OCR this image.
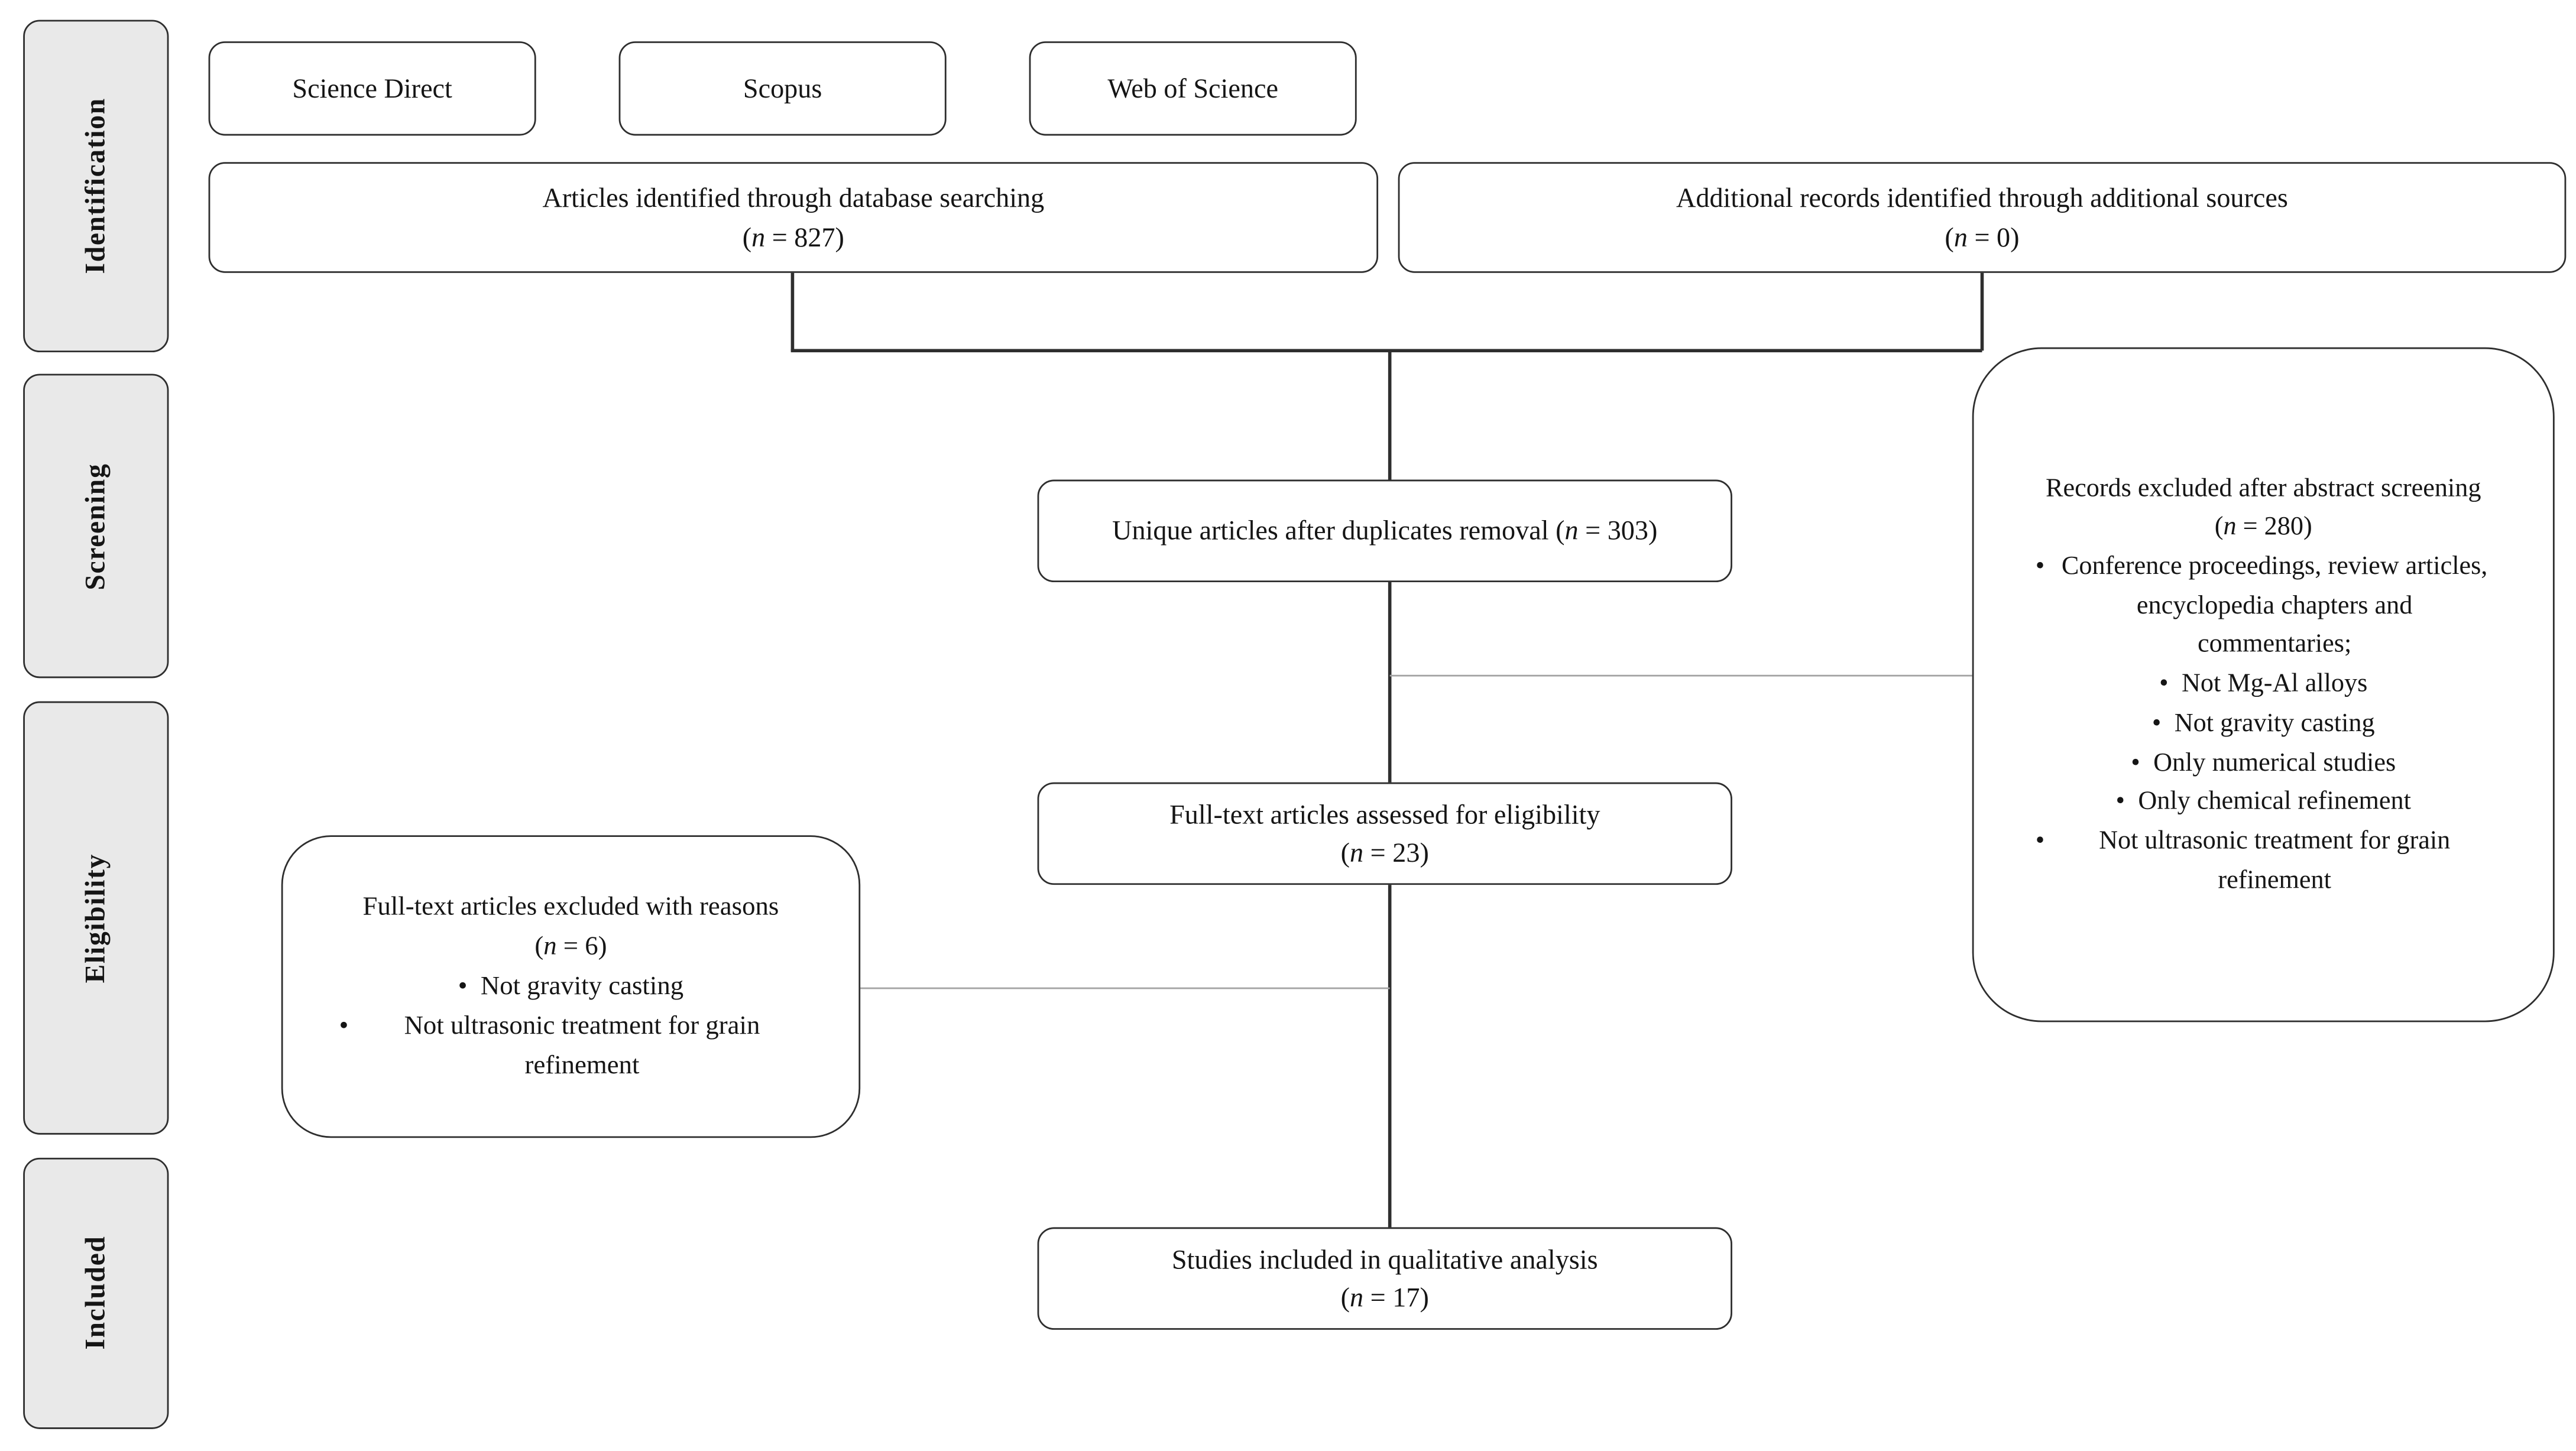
Identification
Screening
Eligibility
Included
Science Direct	Scopus	Web of Science
Articles identified through database searching
(n = 827)
Additional records identified through additional sources
(n = 0)
Unique articles after duplicates removal (n = 303)
Records excluded after abstract screening
(n = 280)
•	Conference proceedings, review articles, encyclopedia chapters and commentaries;
• Not Mg-Al alloys
• Not gravity casting
• Only numerical studies
• Only chemical refinement
•	Not ultrasonic treatment for grain refinement
Full-text articles assessed for eligibility
(n = 23)
Full-text articles excluded with reasons
(n = 6)
• Not gravity casting
•	Not ultrasonic treatment for grain refinement
Studies included in qualitative analysis
(n = 17)
